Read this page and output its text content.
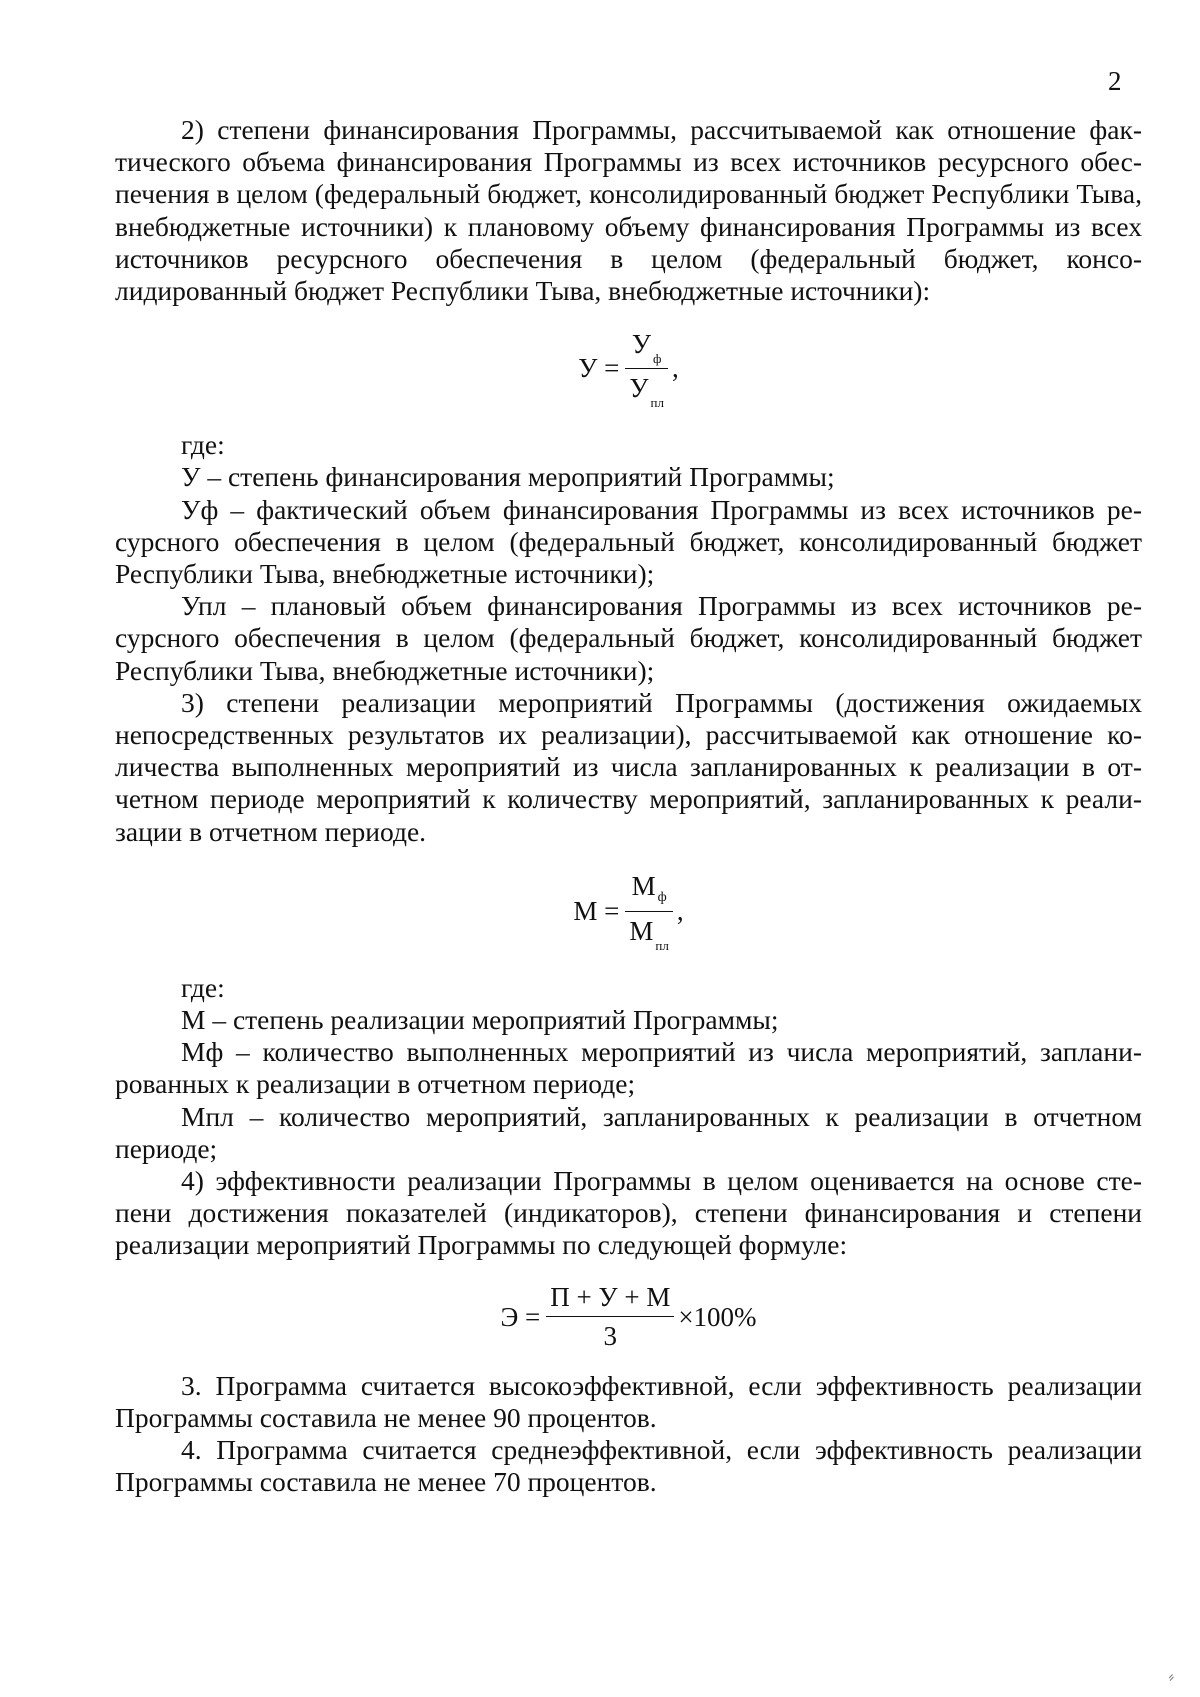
2

2) степени финансирования Программы, рассчитываемой как отношение фактического объема финансирования Программы из всех источников ресурсного обеспечения в целом (федеральный бюджет, консолидированный бюджет Республики Тыва, внебюджетные источники) к плановому объему финансирования Программы из всех источников ресурсного обеспечения в целом (федеральный бюджет, консолидированный бюджет Республики Тыва, внебюджетные источники):

$У = \frac{У _ф}{У _{пл}}$ ,

где:

У – степень финансирования мероприятий Программы;

Уф – фактический объем финансирования Программы из всех источников ресурсного обеспечения в целом (федеральный бюджет, консолидированный бюджет Республики Тыва, внебюджетные источники);

Упл – плановый объем финансирования Программы из всех источников ресурсного обеспечения в целом (федеральный бюджет, консолидированный бюджет Республики Тыва, внебюджетные источники);

3) степени реализации мероприятий Программы (достижения ожидаемых непосредственных результатов их реализации), рассчитываемой как отношение количества выполненных мероприятий из числа запланированных к реализации в отчетном периоде мероприятий к количеству мероприятий, запланированных к реализации в отчетном периоде.

$М = \frac{М _ф}{М _{пл}}$ ,

где:

М – степень реализации мероприятий Программы;

Мф – количество выполненных мероприятий из числа мероприятий, запланированных к реализации в отчетном периоде;

Мпл – количество мероприятий, запланированных к реализации в отчетном периоде;

4) эффективности реализации Программы в целом оценивается на основе степени достижения показателей (индикаторов), степени финансирования и степени реализации мероприятий Программы по следующей формуле:

$Э = \frac{П + У + М}{3} \times 100\%$

3. Программа считается высокоэффективной, если эффективность реализации Программы составила не менее 90 процентов.

4. Программа считается среднеэффективной, если эффективность реализации Программы составила не менее 70 процентов.

⸗
